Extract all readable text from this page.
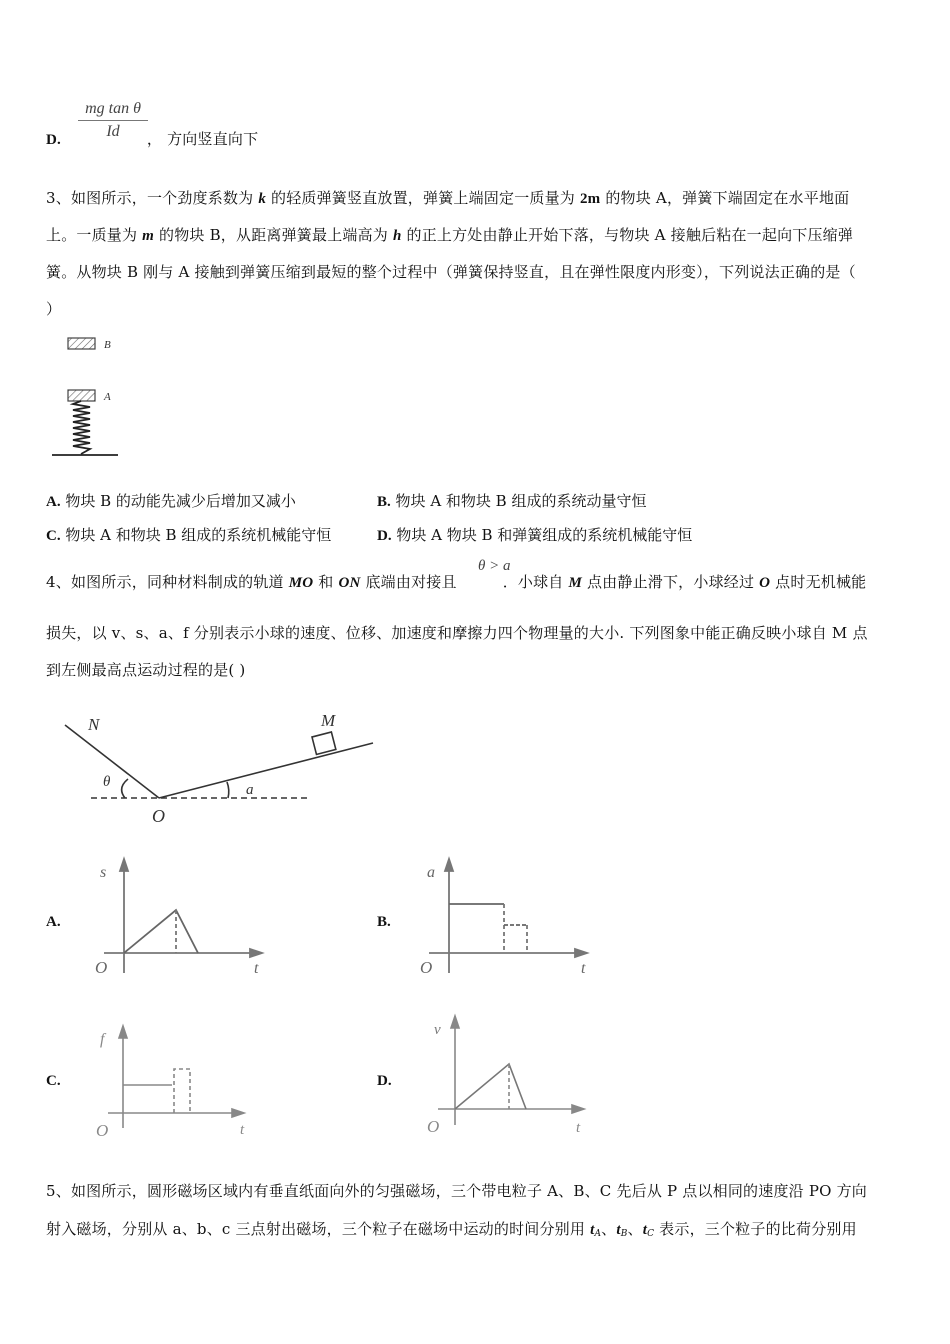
$\frac{\text{mg tan θ}}{Id}$
D.	， 方向竖直向下
3、如图所示，一个劲度系数为 k 的轻质弹簧竖直放置，弹簧上端固定一质量为 2m 的物块 A，弹簧下端固定在水平地面
上。一质量为 m 的物块 B，从距离弹簧最上端高为 h 的正上方处由静止开始下落，与物块 A 接触后粘在一起向下压缩弹
簧。从物块 B 刚与 A 接触到弹簧压缩到最短的整个过程中（弹簧保持竖直，且在弹性限度内形变），下列说法正确的是（
）
B
A
A. 物块 B 的动能先减少后增加又减小	B. 物块 A 和物块 B 组成的系统动量守恒
C. 物块 A 和物块 B 组成的系统机械能守恒	D. 物块 A 物块 B 和弹簧组成的系统机械能守恒
4、如图所示，同种材料制成的轨道 MO 和 ON 底端由对接且	．小球自 M 点由静止滑下，小球经过 O 点时无机械能
θ > a
损失，以 v、s、a、f 分别表示小球的速度、位移、加速度和摩擦力四个物理量的大小. 下列图象中能正确反映小球自 M 点
到左侧最高点运动过程的是( )
N	M
O
θ	a
A.	B.
C.	D.
s
O	t
a
O	t
f
O	t
v
O	t
5、如图所示，圆形磁场区域内有垂直纸面向外的匀强磁场，三个带电粒子 A、B、C 先后从 P 点以相同的速度沿 PO 方向
射入磁场，分别从 a、b、c 三点射出磁场，三个粒子在磁场中运动的时间分别用 $t_A$、$t_B$、$t_C$ 表示，三个粒子的比荷分别用
